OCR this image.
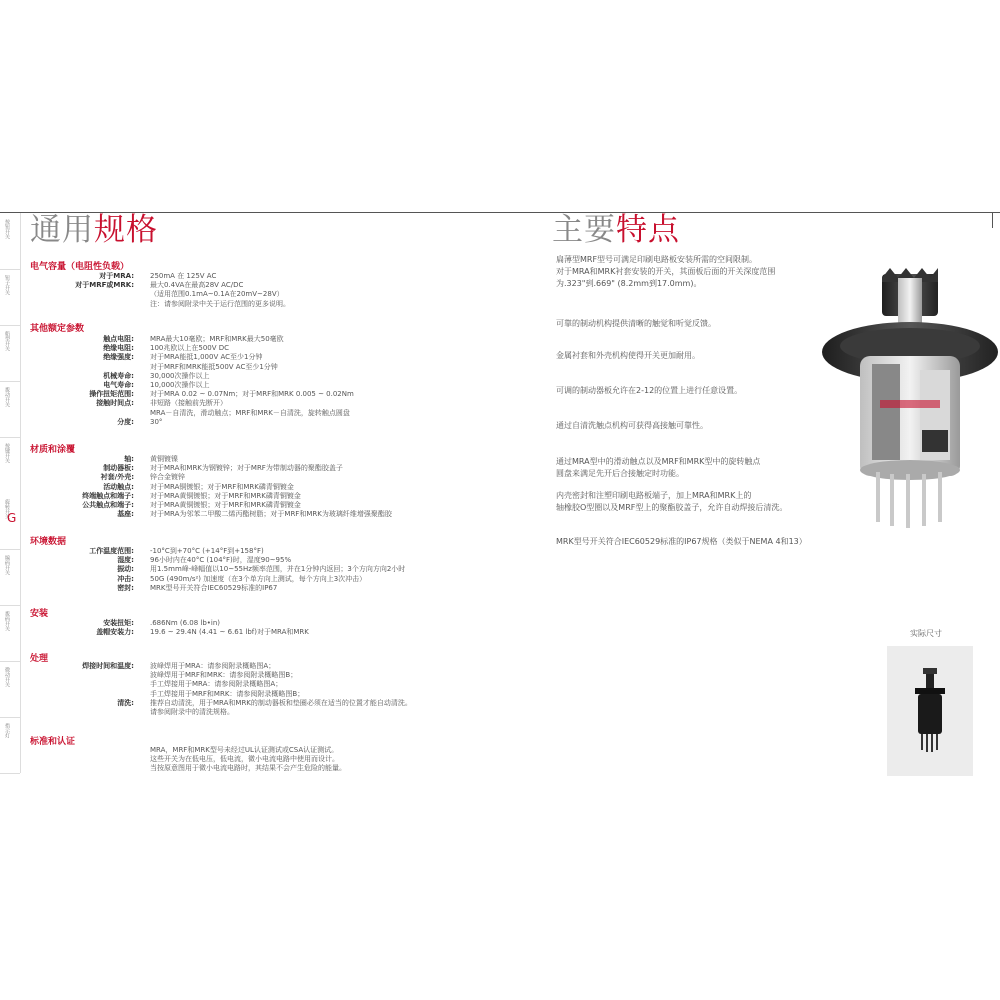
按钮开关
钮子开关
船型开关
拨动开关
按键开关
旋转开关
G
编码开关
拨码开关
微动开关
指示灯
通用规格	主要特点
电气容量（电阻性负载）
其他额定参数
材质和涂覆
环境数据
安装
处理
标准和认证
对于MRA: 250mA 在 125V AC
对于MRF或MRK: 最大0.4VA在最高28V AC/DC
（适用范围0.1mA~0.1A在20mV~28V）
注：请参阅附录中关于运行范围的更多说明。
触点电阻: MRA最大10毫欧；MRF和MRK最大50毫欧
绝缘电阻: 100兆欧以上在500V DC
绝缘强度: 对于MRA能抵1,000V AC至少1分钟
对于MRF和MRK能抵500V AC至少1分钟
机械寿命: 30,000次操作以上
电气寿命: 10,000次操作以上
操作扭矩范围: 对于MRA 0.02 ~ 0.07Nm；对于MRF和MRK 0.005 ~ 0.02Nm
接触时间点: 非短路（接触前先断开）
MRA－自清洗，滑动触点；MRF和MRK－自清洗，旋转触点圆盘
分度: 30°
轴: 黄铜镀镍
制动器板: 对于MRA和MRK为钢镀锌；对于MRF为带制动器的聚酯胶盖子
衬套/外壳: 锌合金镀锌
活动触点: 对于MRA铜镀银；对于MRF和MRK磷青铜镀金
终端触点和端子: 对于MRA黄铜镀银；对于MRF和MRK磷青铜镀金
公共触点和端子: 对于MRA黄铜镀银；对于MRF和MRK磷青铜镀金
基座: 对于MRA为邻苯二甲酸二烯丙酯树脂；对于MRF和MRK为玻璃纤维增强聚酯胶
工作温度范围: -10°C到+70°C (+14°F到+158°F)
湿度: 96小时内在40°C (104°F)时，湿度90~95%
振动: 用1.5mm峰-峰幅值以10~55Hz频率范围，并在1分钟内返回；3个方向方向2小时
冲击: 50G (490m/s²) 加速度（在3个单方向上测试，每个方向上3次冲击）
密封: MRK型号开关符合IEC60529标准的IP67
安装扭矩: .686Nm (6.08 lb•in)
盖帽安装力: 19.6 ~ 29.4N (4.41 ~ 6.61 lbf)对于MRA和MRK
焊接时间和温度: 波峰焊用于MRA：请参阅附录概略图A；
波峰焊用于MRF和MRK：请参阅附录概略图B；
手工焊接用于MRA：请参阅附录概略图A；
手工焊接用于MRF和MRK：请参阅附录概略图B；
清洗: 推荐自动清洗，用于MRA和MRK的制动器板和垫圈必须在适当的位置才能自动清洗。
请参阅附录中的清洗规格。
MRA，MRF和MRK型号未经过UL认证测试或CSA认证测试。
这些开关为在低电压，低电流，微小电流电路中使用而设计。
当按原意图用于微小电流电路时，其结果不会产生危险的能量。
扁薄型MRF型号可满足印刷电路板安装所需的空间限制。
对于MRA和MRK衬套安装的开关，其面板后面的开关深度范围
为.323"到.669" (8.2mm到17.0mm)。
可靠的制动机构提供清晰的触觉和听觉反馈。
金属衬套和外壳机构使得开关更加耐用。
可调的制动器板允许在2-12的位置上进行任意设置。
通过自清洗触点机构可获得高接触可靠性。
通过MRA型中的滑动触点以及MRF和MRK型中的旋转触点
圆盘来满足先开后合接触定时功能。
内壳密封和注塑印刷电路板端子，加上MRA和MRK上的
轴橡胶O型圈以及MRF型上的聚酯胶盖子，允许自动焊接后清洗。
MRK型号开关符合IEC60529标准的IP67规格（类似于NEMA 4和13）
实际尺寸
